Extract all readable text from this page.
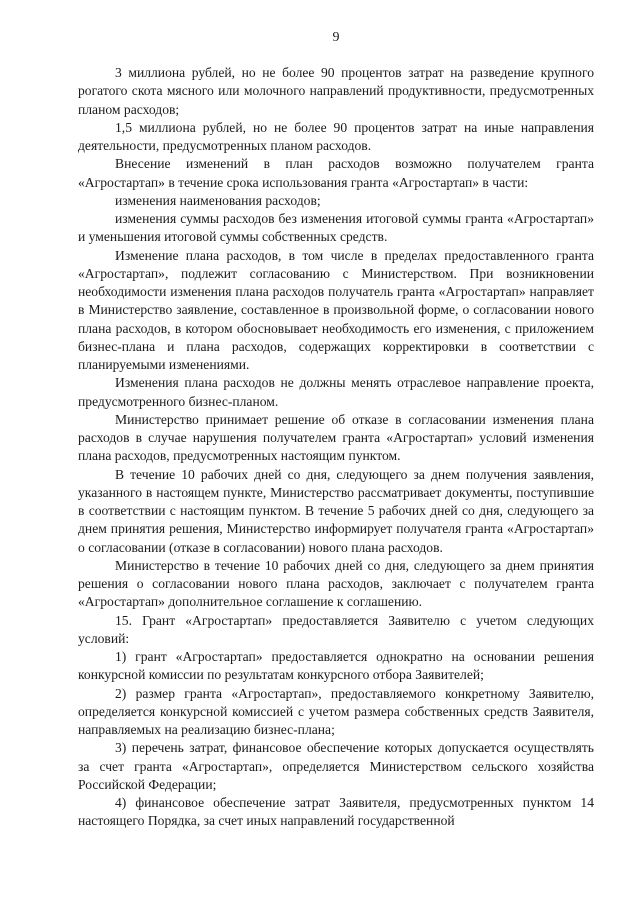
9

3 миллиона рублей, но не более 90 процентов затрат на разведение крупного рогатого скота мясного или молочного направлений продуктивности, предусмотренных планом расходов;

1,5 миллиона рублей, но не более 90 процентов затрат на иные направления деятельности, предусмотренных планом расходов.

Внесение изменений в план расходов возможно получателем гранта «Агростартап» в течение срока использования гранта «Агростартап» в части:

изменения наименования расходов;

изменения суммы расходов без изменения итоговой суммы гранта «Агростартап» и уменьшения итоговой суммы собственных средств.

Изменение плана расходов, в том числе в пределах предоставленного гранта «Агростартап», подлежит согласованию с Министерством. При возникновении необходимости изменения плана расходов получатель гранта «Агростартап» направляет в Министерство заявление, составленное в произвольной форме, о согласовании нового плана расходов, в котором обосновывает необходимость его изменения, с приложением бизнес-плана и плана расходов, содержащих корректировки в соответствии с планируемыми изменениями.

Изменения плана расходов не должны менять отраслевое направление проекта, предусмотренного бизнес-планом.

Министерство принимает решение об отказе в согласовании изменения плана расходов в случае нарушения получателем гранта «Агростартап» условий изменения плана расходов, предусмотренных настоящим пунктом.

В течение 10 рабочих дней со дня, следующего за днем получения заявления, указанного в настоящем пункте, Министерство рассматривает документы, поступившие в соответствии с настоящим пунктом. В течение 5 рабочих дней со дня, следующего за днем принятия решения, Министерство информирует получателя гранта «Агростартап» о согласовании (отказе в согласовании) нового плана расходов.

Министерство в течение 10 рабочих дней со дня, следующего за днем принятия решения о согласовании нового плана расходов, заключает с получателем гранта «Агростартап» дополнительное соглашение к соглашению.

15. Грант «Агростартап» предоставляется Заявителю с учетом следующих условий:

1) грант «Агростартап» предоставляется однократно на основании решения конкурсной комиссии по результатам конкурсного отбора Заявителей;

2) размер гранта «Агростартап», предоставляемого конкретному Заявителю, определяется конкурсной комиссией с учетом размера собственных средств Заявителя, направляемых на реализацию бизнес-плана;

3) перечень затрат, финансовое обеспечение которых допускается осуществлять за счет гранта «Агростартап», определяется Министерством сельского хозяйства Российской Федерации;

4) финансовое обеспечение затрат Заявителя, предусмотренных пунктом 14 настоящего Порядка, за счет иных направлений государственной
